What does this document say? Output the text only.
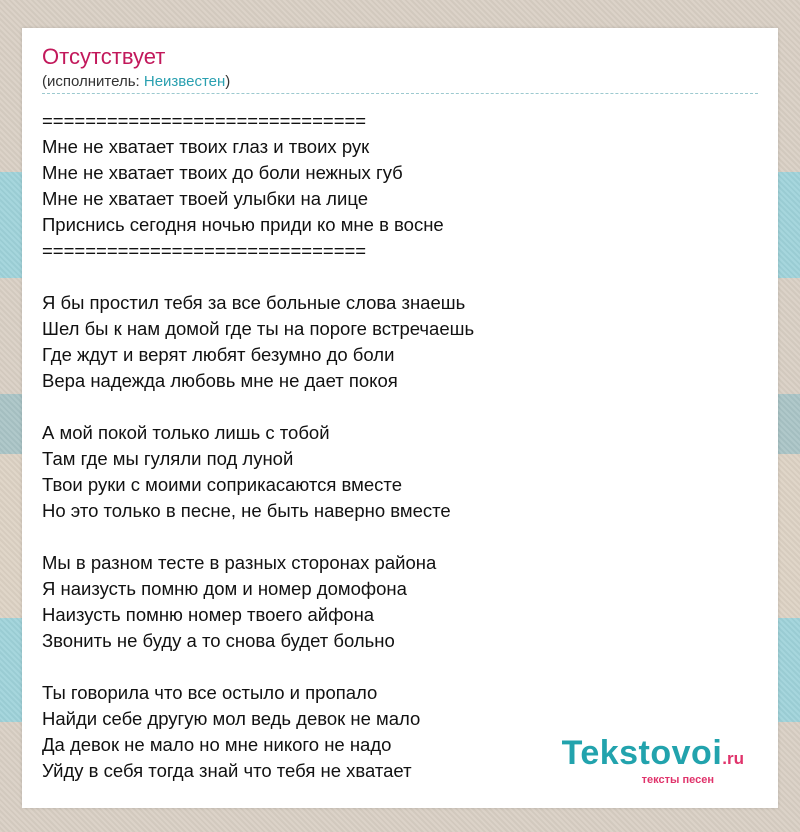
Отсутствует
(исполнитель: Неизвестен)
==============================
Мне не хватает твоих глаз и твоих рук
Мне не хватает твоих до боли нежных губ
Мне не хватает твоей улыбки на лице
Приснись сегодня ночью приди ко мне в восне
==============================
Я бы простил тебя за все больные слова знаешь
Шел бы к нам домой где ты на пороге встречаешь
Где ждут и верят любят безумно до боли
Вера надежда любовь мне не дает покоя
А мой покой только лишь с тобой
Там где мы гуляли под луной
Твои руки с моими соприкасаются вместе
Но это только в песне, не быть наверно вместе
Мы в разном тесте в разных сторонах района
Я наизусть помню дом и номер домофона
Наизусть помню номер твоего айфона
Звонить не буду а то снова будет больно
Ты говорила что все остыло и пропало
Найди себе другую мол ведь девок не мало
Да девок не мало но мне никого не надо
Уйду в себя тогда знай что тебя не хватает	Tekstovoi.ru
тексты песен
